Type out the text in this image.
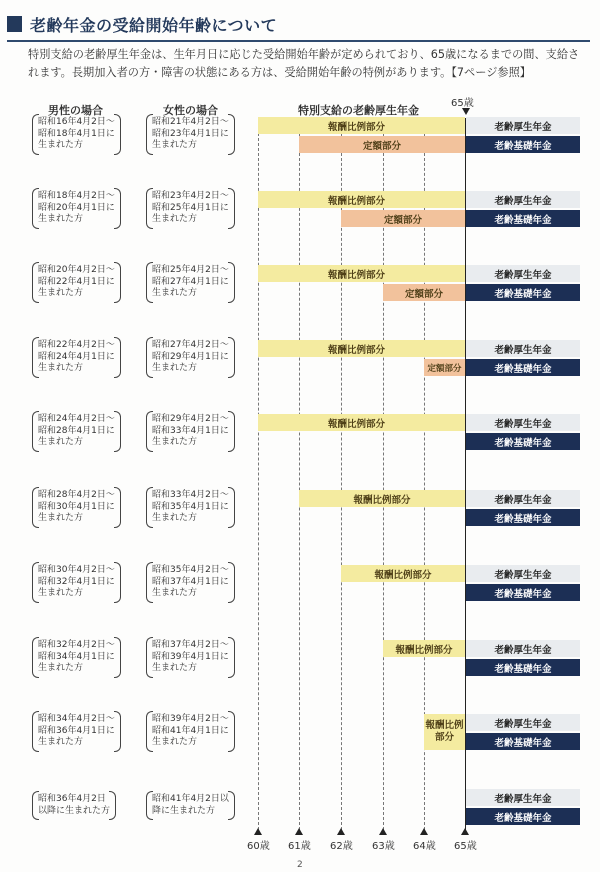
老齢年金の受給開始年齢について
特別支給の老齢厚生年金は、生年月日に応じた受給開始年齢が定められており、65歳になるまでの間、支給されます。長期加入者の方・障害の状態にある方は、受給開始年齢の特例があります。【7ページ参照】
男性の場合	女性の場合	特別支給の老齢厚生年金
65歳
昭和16年4月2日～
昭和18年4月1日に
生まれた方
昭和21年4月2日～
昭和23年4月1日に
生まれた方
報酬比例部分
定額部分
老齢厚生年金
老齢基礎年金
昭和18年4月2日～
昭和20年4月1日に
生まれた方
昭和23年4月2日～
昭和25年4月1日に
生まれた方
報酬比例部分
定額部分
老齢厚生年金
老齢基礎年金
昭和20年4月2日～
昭和22年4月1日に
生まれた方
昭和25年4月2日～
昭和27年4月1日に
生まれた方
報酬比例部分
定額部分
老齢厚生年金
老齢基礎年金
昭和22年4月2日～
昭和24年4月1日に
生まれた方
昭和27年4月2日～
昭和29年4月1日に
生まれた方
報酬比例部分
定額部分
老齢厚生年金
老齢基礎年金
昭和24年4月2日～
昭和28年4月1日に
生まれた方
昭和29年4月2日～
昭和33年4月1日に
生まれた方
報酬比例部分	老齢厚生年金
老齢基礎年金
昭和28年4月2日～
昭和30年4月1日に
生まれた方
昭和33年4月2日～
昭和35年4月1日に
生まれた方
報酬比例部分	老齢厚生年金
老齢基礎年金
昭和30年4月2日～
昭和32年4月1日に
生まれた方
昭和35年4月2日～
昭和37年4月1日に
生まれた方
報酬比例部分	老齢厚生年金
老齢基礎年金
昭和32年4月2日～
昭和34年4月1日に
生まれた方
昭和37年4月2日～
昭和39年4月1日に
生まれた方
報酬比例部分	老齢厚生年金
老齢基礎年金
昭和34年4月2日～
昭和36年4月1日に
生まれた方
昭和39年4月2日～
昭和41年4月1日に
生まれた方
報酬比例
部分
老齢厚生年金
老齢基礎年金
昭和36年4月2日
以降に生まれた方
昭和41年4月2日以
降に生まれた方
老齢厚生年金
老齢基礎年金
60歳 61歳 62歳 63歳 64歳 65歳
2
